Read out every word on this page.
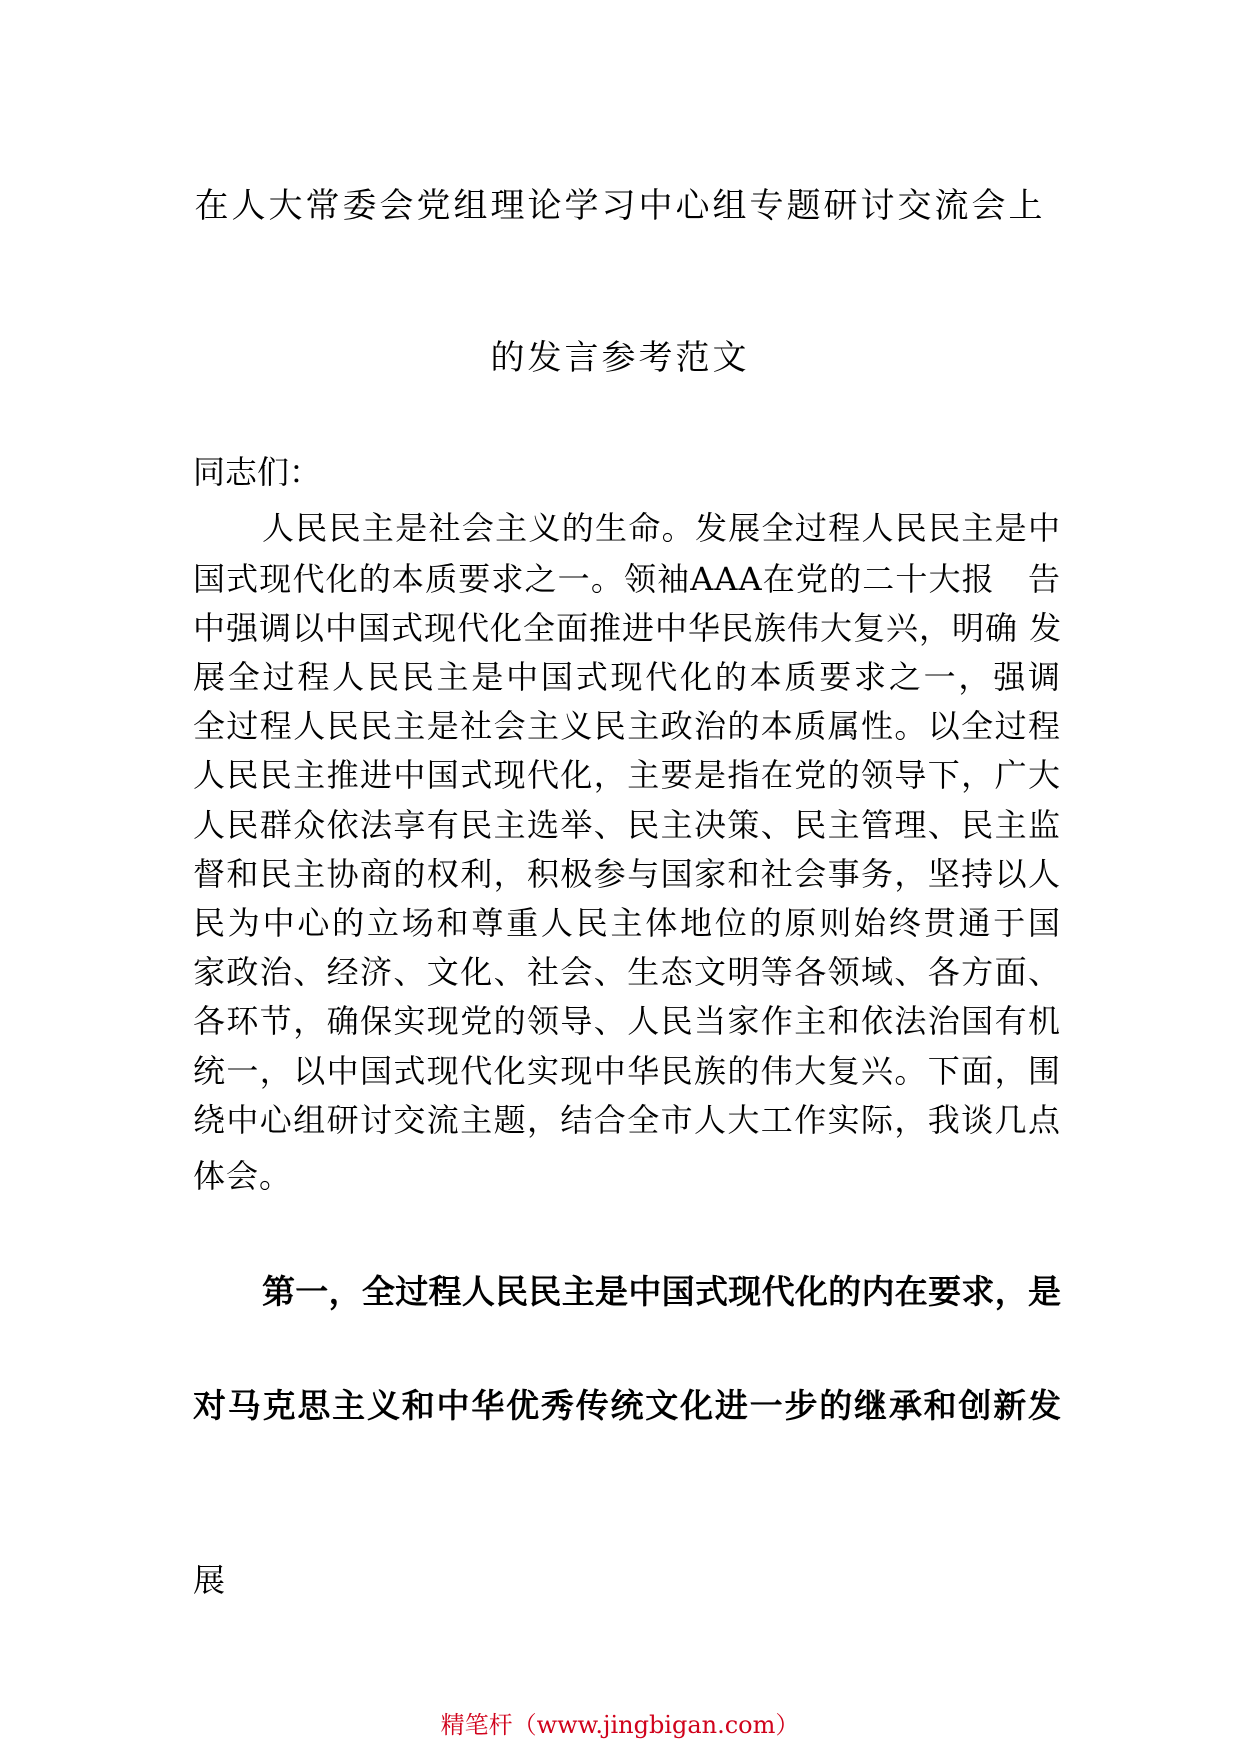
在人大常委会党组理论学习中心组专题研讨交流会上
的发言参考范文
同志们：
人民民主是社会主义的生命。发展全过程人民民主是中
国式现代化的本质要求之一。领袖AAA在党的二十大报　告
中强调以中国式现代化全面推进中华民族伟大复兴，明确 发
展全过程人民民主是中国式现代化的本质要求之一，强调
全过程人民民主是社会主义民主政治的本质属性。以全过程
人民民主推进中国式现代化，主要是指在党的领导下，广大
人民群众依法享有民主选举、民主决策、民主管理、民主监
督和民主协商的权利，积极参与国家和社会事务，坚持以人
民为中心的立场和尊重人民主体地位的原则始终贯通于国
家政治、经济、文化、社会、生态文明等各领域、各方面、
各环节，确保实现党的领导、人民当家作主和依法治国有机
统一，以中国式现代化实现中华民族的伟大复兴。下面，围
绕中心组研讨交流主题，结合全市人大工作实际，我谈几点
体会。
第一，全过程人民民主是中国式现代化的内在要求，是
对马克思主义和中华优秀传统文化进一步的继承和创新发
展
精笔杆（www.jingbigan.com）
